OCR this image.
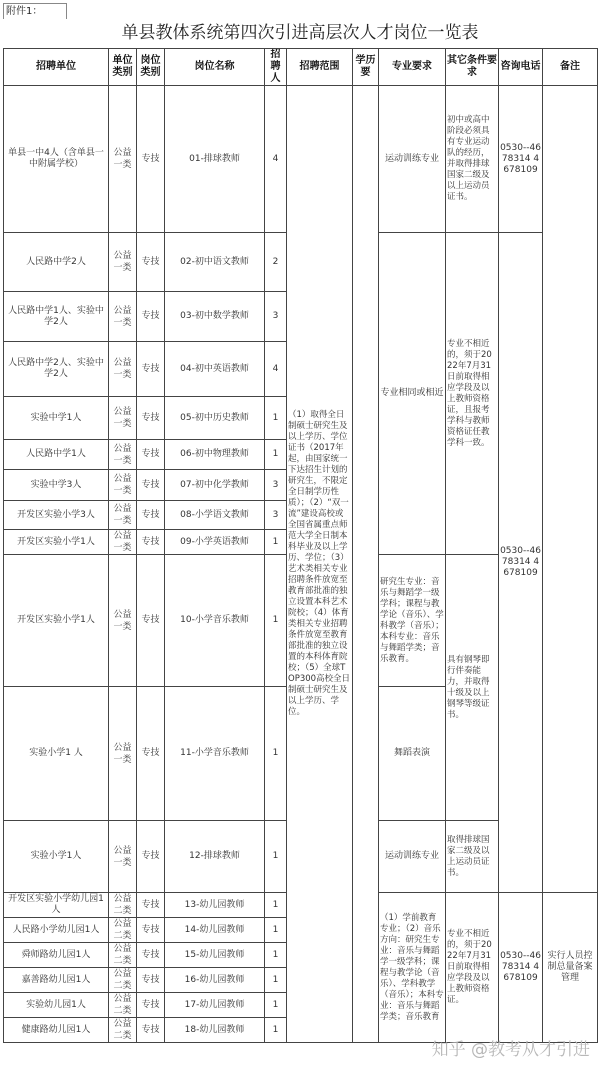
附件1：
单县教体系统第四次引进高层次人才岗位一览表
招聘单位	单位类别	岗位类别	岗位名称	招聘人	招聘范围	学历要	专业要求	其它条件要求	咨询电话	备注
单县一中4人（含单县一中附属学校）	公益一类	专技	01-排球教师	4	（1）取得全日制硕士研究生及以上学历、学位证书（2017年起，由国家统一下达招生计划的研究生，不限定全日制学历性质）；（2）“双一流”建设高校或全国省属重点师范大学全日制本科毕业及以上学历、学位；（3）艺术类相关专业招聘条件放宽至教育部批准的独立设置本科艺术院校；（4）体育类相关专业招聘条件放宽至教育部批准的独立设置的本科体育院校；（5）全球TOP300高校全日制硕士研究生及以上学历、学位。		运动训练专业	初中或高中阶段必须具有专业运动队的经历，并取得排球国家二级及以上运动员证书。	0530--4678314 4678109	
人民路中学2人	公益一类	专技	02-初中语文教师	2			专业相同或相近	专业不相近的，须于2022年7月31日前取得相应学段及以上教师资格证，且报考学科与教师资格证任教学科一致。	0530--4678314 4678109	
人民路中学1人、实验中学2人	公益一类	专技	03-初中数学教师	3						
人民路中学2人、实验中学2人	公益一类	专技	04-初中英语教师	4						
实验中学1人	公益一类	专技	05-初中历史教师	1						
人民路中学1人	公益一类	专技	06-初中物理教师	1						
实验中学3人	公益一类	专技	07-初中化学教师	3						
开发区实验小学3人	公益一类	专技	08-小学语文教师	3						
开发区实验小学1人	公益一类	专技	09-小学英语教师	1						
开发区实验小学1人	公益一类	专技	10-小学音乐教师	1			研究生专业：音乐与舞蹈学一级学科；课程与教学论（音乐）、学科教学（音乐）；本科专业：音乐与舞蹈学类；音乐教育。	具有钢琴即行伴奏能力，并取得十级及以上钢琴等级证书。		
实验小学1 人	公益一类	专技	11-小学音乐教师	1			舞蹈表演			
实验小学1人	公益一类	专技	12-排球教师	1			运动训练专业	取得排球国家二级及以上运动员证书。		
开发区实验小学幼儿园1人	公益二类	专技	13-幼儿园教师	1			（1）学前教育专业；（2）音乐方向：研究生专业：音乐与舞蹈学一级学科；课程与教学论（音乐）、学科教学（音乐）；本科专业：音乐与舞蹈学类；音乐教育	专业不相近的，须于2022年7月31日前取得相应学段及以上教师资格证。	0530--4678314 4678109	实行人员控制总量备案管理
人民路小学幼儿园1人	公益二类	专技	14-幼儿园教师	1						
舜师路幼儿园1人	公益二类	专技	15-幼儿园教师	1						
嘉善路幼儿园1人	公益二类	专技	16-幼儿园教师	1						
实验幼儿园1人	公益二类	专技	17-幼儿园教师	1						
健康路幼儿园1人	公益二类	专技	18-幼儿园教师	1						
知乎 @教考从才引进
